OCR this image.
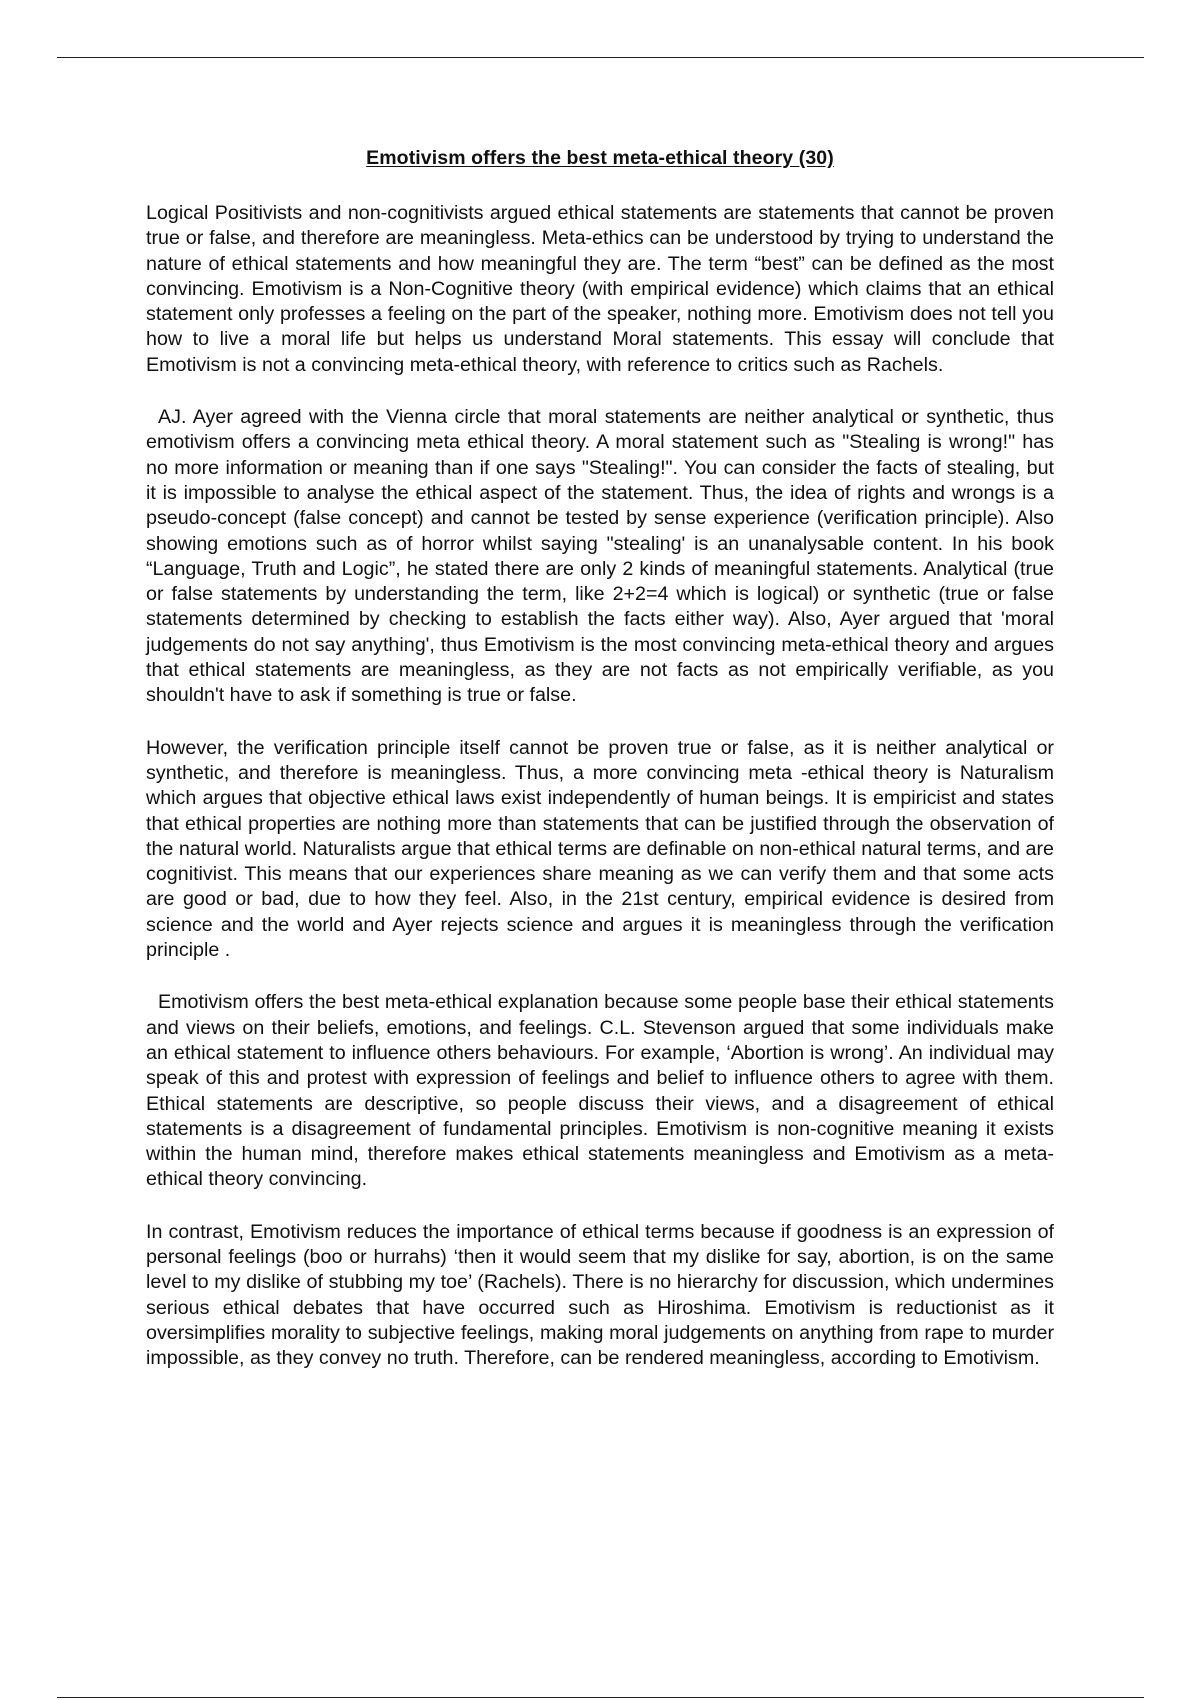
Emotivism offers the best meta-ethical theory (30)

Logical Positivists and non-cognitivists argued ethical statements are statements that cannot be proven true or false, and therefore are meaningless. Meta-ethics can be understood by trying to understand the nature of ethical statements and how meaningful they are. The term “best” can be defined as the most convincing. Emotivism is a Non-Cognitive theory (with empirical evidence) which claims that an ethical statement only professes a feeling on the part of the speaker, nothing more. Emotivism does not tell you how to live a moral life but helps us understand Moral statements. This essay will conclude that Emotivism is not a convincing meta-ethical theory, with reference to critics such as Rachels.

AJ. Ayer agreed with the Vienna circle that moral statements are neither analytical or synthetic, thus emotivism offers a convincing meta ethical theory. A moral statement such as "Stealing is wrong!" has no more information or meaning than if one says "Stealing!". You can consider the facts of stealing, but it is impossible to analyse the ethical aspect of the statement. Thus, the idea of rights and wrongs is a pseudo-concept (false concept) and cannot be tested by sense experience (verification principle). Also showing emotions such as of horror whilst saying "stealing' is an unanalysable content. In his book “Language, Truth and Logic”, he stated there are only 2 kinds of meaningful statements. Analytical (true or false statements by understanding the term, like 2+2=4 which is logical) or synthetic (true or false statements determined by checking to establish the facts either way). Also, Ayer argued that 'moral judgements do not say anything', thus Emotivism is the most convincing meta-ethical theory and argues that ethical statements are meaningless, as they are not facts as not empirically verifiable, as you shouldn't have to ask if something is true or false.

However, the verification principle itself cannot be proven true or false, as it is neither analytical or synthetic, and therefore is meaningless. Thus, a more convincing meta -ethical theory is Naturalism which argues that objective ethical laws exist independently of human beings. It is empiricist and states that ethical properties are nothing more than statements that can be justified through the observation of the natural world. Naturalists argue that ethical terms are definable on non-ethical natural terms, and are cognitivist. This means that our experiences share meaning as we can verify them and that some acts are good or bad, due to how they feel. Also, in the 21st century, empirical evidence is desired from science and the world and Ayer rejects science and argues it is meaningless through the verification principle .

Emotivism offers the best meta-ethical explanation because some people base their ethical statements and views on their beliefs, emotions, and feelings. C.L. Stevenson argued that some individuals make an ethical statement to influence others behaviours. For example, ‘Abortion is wrong’. An individual may speak of this and protest with expression of feelings and belief to influence others to agree with them. Ethical statements are descriptive, so people discuss their views, and a disagreement of ethical statements is a disagreement of fundamental principles. Emotivism is non-cognitive meaning it exists within the human mind, therefore makes ethical statements meaningless and Emotivism as a meta-ethical theory convincing.

In contrast, Emotivism reduces the importance of ethical terms because if goodness is an expression of personal feelings (boo or hurrahs) ‘then it would seem that my dislike for say, abortion, is on the same level to my dislike of stubbing my toe’ (Rachels). There is no hierarchy for discussion, which undermines serious ethical debates that have occurred such as Hiroshima. Emotivism is reductionist as it oversimplifies morality to subjective feelings, making moral judgements on anything from rape to murder impossible, as they convey no truth. Therefore, can be rendered meaningless, according to Emotivism.
